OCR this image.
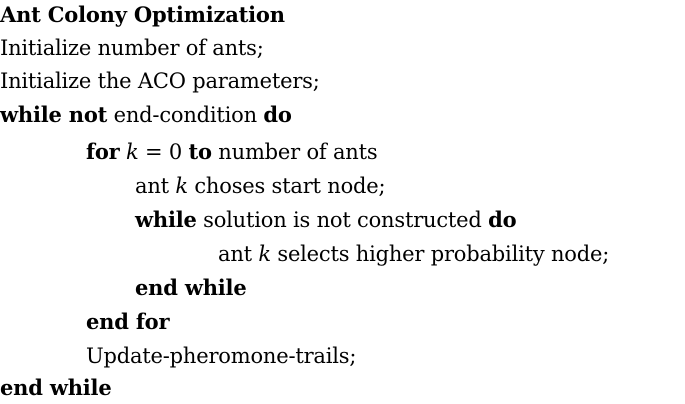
Ant Colony Optimization
Initialize number of ants;
Initialize the ACO parameters;
while not end-condition do
for k = 0 to number of ants
ant k choses start node;
while solution is not constructed do
ant k selects higher probability node;
end while
end for
Update-pheromone-trails;
end while
